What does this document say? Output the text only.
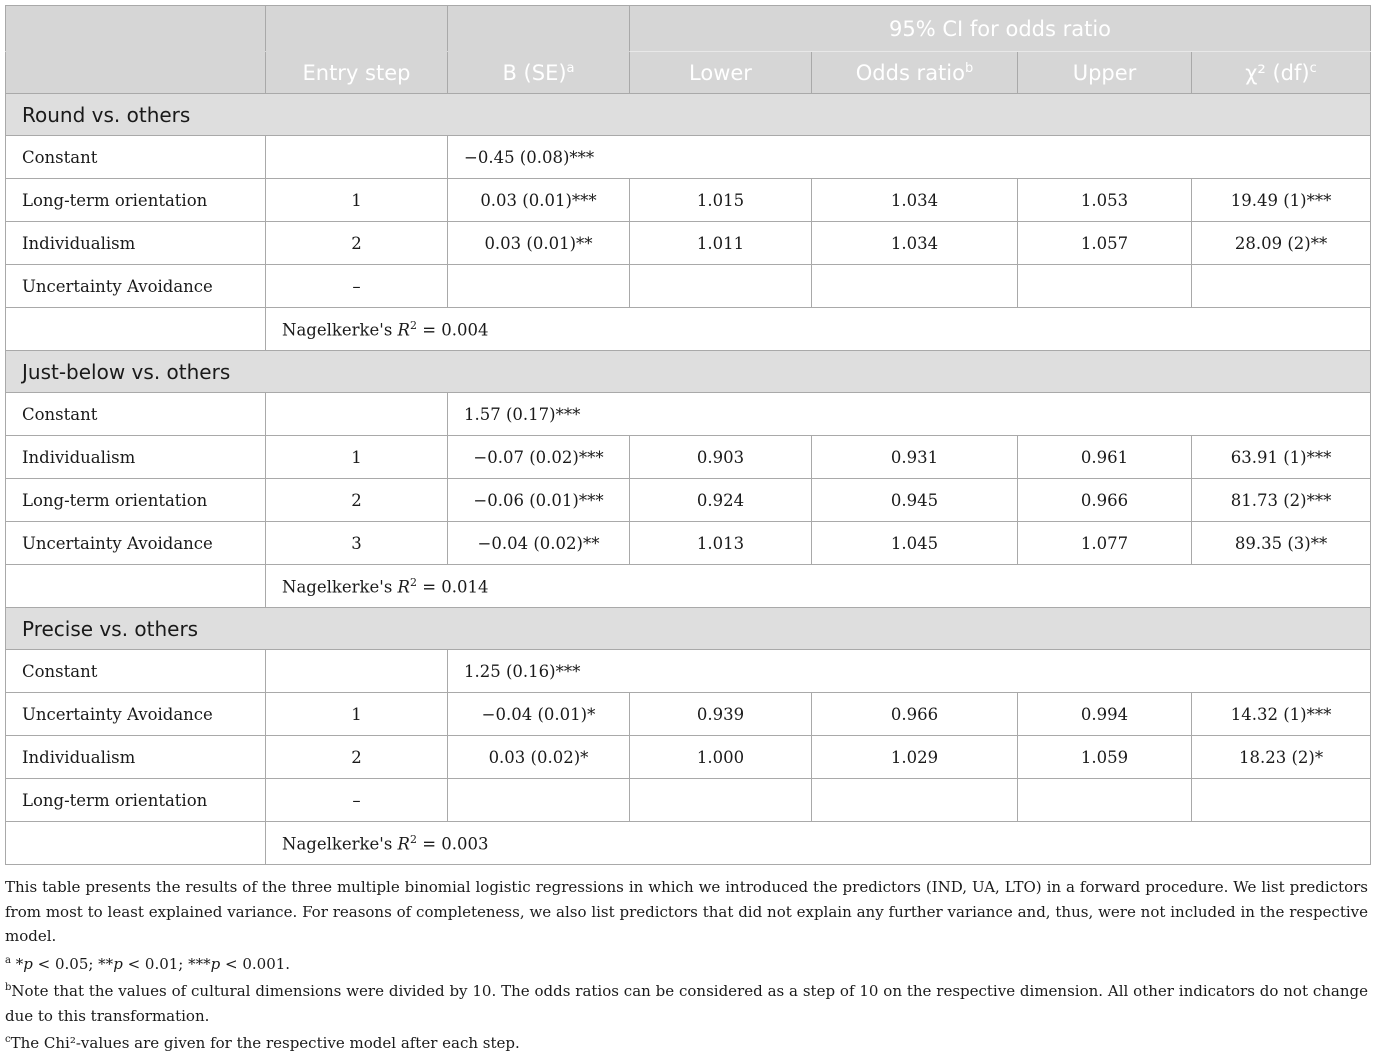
			95% CI for odds ratio			
	Entry step	B (SE)$^a$	Lower	Odds ratio$^b$	Upper	χ² (df)$^c$
Round vs. others						
Constant		−0.45 (0.08)***				
Long-term orientation	1	0.03 (0.01)***	1.015	1.034	1.053	19.49 (1)***
Individualism	2	0.03 (0.01)**	1.011	1.034	1.057	28.09 (2)**
Uncertainty Avoidance	–					
	Nagelkerke's $R^2 = 0.004$					
Just-below vs. others						
Constant		1.57 (0.17)***				
Individualism	1	−0.07 (0.02)***	0.903	0.931	0.961	63.91 (1)***
Long-term orientation	2	−0.06 (0.01)***	0.924	0.945	0.966	81.73 (2)***
Uncertainty Avoidance	3	−0.04 (0.02)**	1.013	1.045	1.077	89.35 (3)**
	Nagelkerke's $R^2 = 0.014$					
Precise vs. others						
Constant		1.25 (0.16)***				
Uncertainty Avoidance	1	−0.04 (0.01)*	0.939	0.966	0.994	14.32 (1)***
Individualism	2	0.03 (0.02)*	1.000	1.029	1.059	18.23 (2)*
Long-term orientation	–					
	Nagelkerke's $R^2 = 0.003$					

This table presents the results of the three multiple binomial logistic regressions in which we introduced the predictors (IND, UA, LTO) in a forward procedure. We list predictors from most to least explained variance. For reasons of completeness, we also list predictors that did not explain any further variance and, thus, were not included in the respective model.

$^a$ *p < 0.05; **p < 0.01; ***p < 0.001.

$^b$Note that the values of cultural dimensions were divided by 10. The odds ratios can be considered as a step of 10 on the respective dimension. All other indicators do not change due to this transformation.

$^c$The Chi²-values are given for the respective model after each step.
